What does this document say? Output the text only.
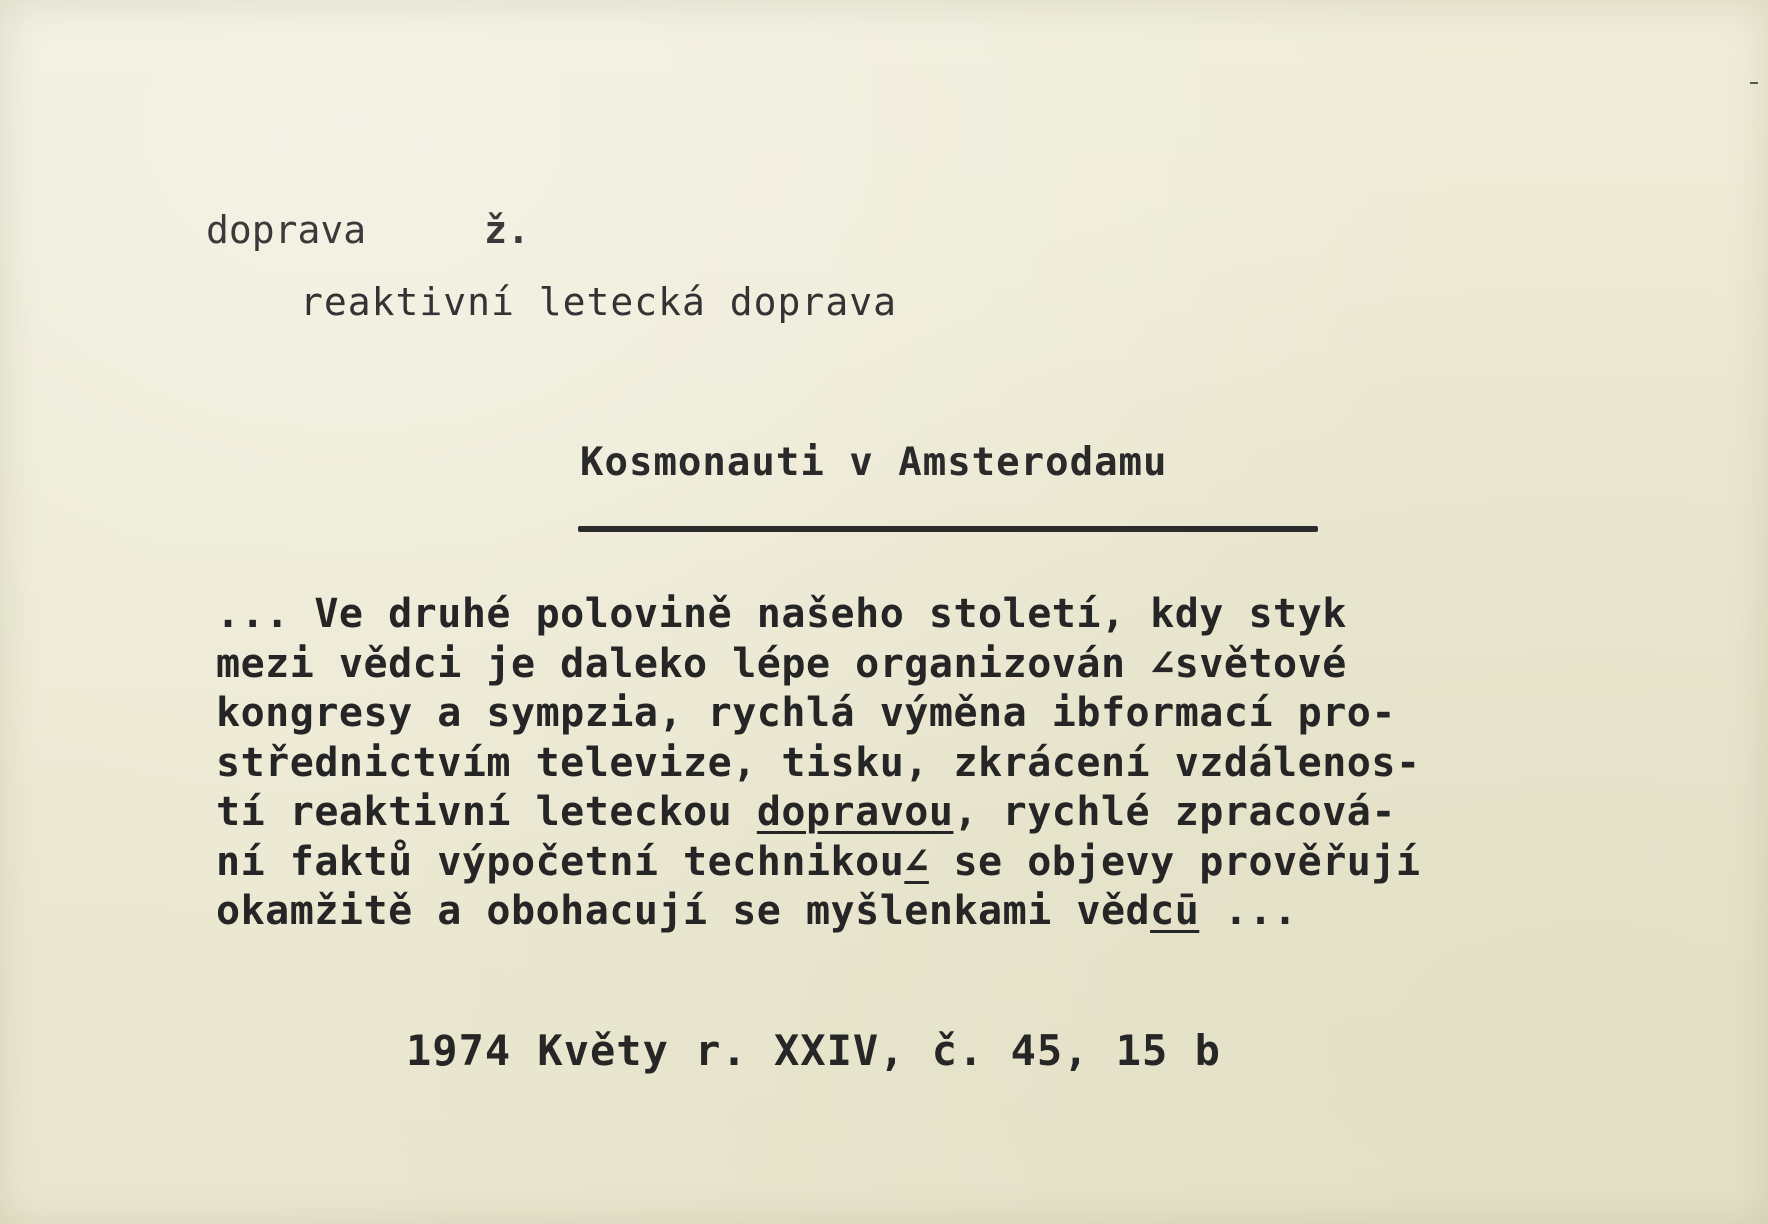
doprava	ž.
reaktivní letecká doprava
Kosmonauti v Amsterodamu
... Ve druhé polovině našeho století, kdy styk
mezi vědci je daleko lépe organizován ∠světové
kongresy a sympzia, rychlá výměna ibformací pro-
střednictvím televize, tisku, zkrácení vzdálenos-
tí reaktivní leteckou dopravou, rychlé zpracová-
ní faktů výpočetní technikou∠ se objevy prověřují
okamžitě a obohacují se myšlenkami vědcū ...
1974 Květy r. XXIV, č. 45, 15 b
